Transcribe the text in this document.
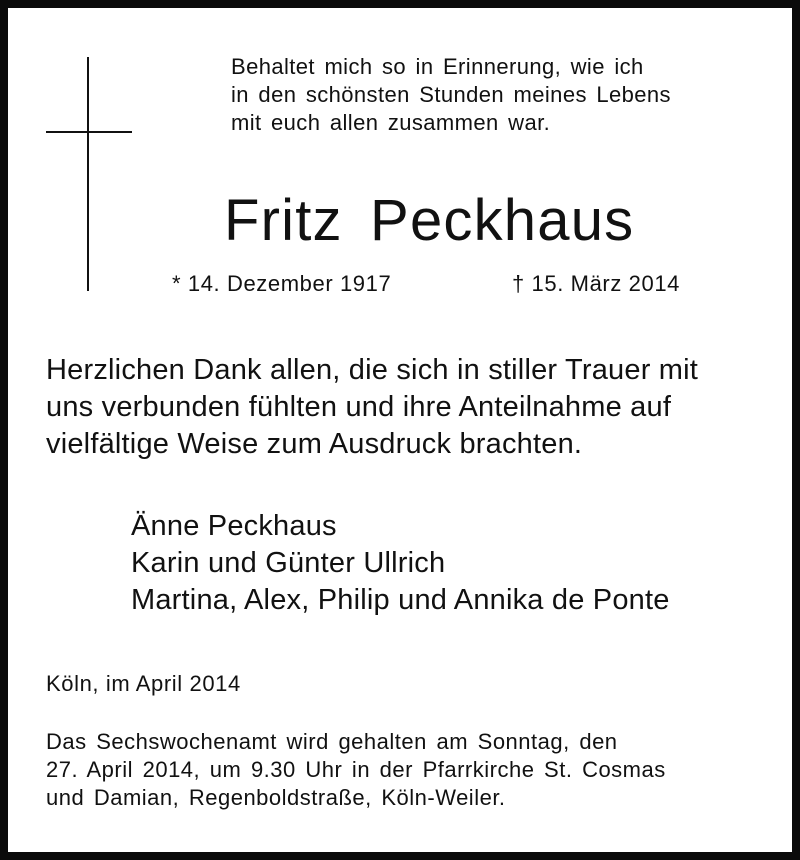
Behaltet mich so in Erinnerung, wie ich
in den schönsten Stunden meines Lebens
mit euch allen zusammen war.
Fritz Peckhaus
* 14. Dezember 1917	† 15. März 2014
Herzlichen Dank allen, die sich in stiller Trauer mit
uns verbunden fühlten und ihre Anteilnahme auf
vielfältige Weise zum Ausdruck brachten.
Änne Peckhaus
Karin und Günter Ullrich
Martina, Alex, Philip und Annika de Ponte
Köln, im April 2014
Das Sechswochenamt wird gehalten am Sonntag, den
27. April 2014, um 9.30 Uhr in der Pfarrkirche St. Cosmas
und Damian, Regenboldstraße, Köln-Weiler.
